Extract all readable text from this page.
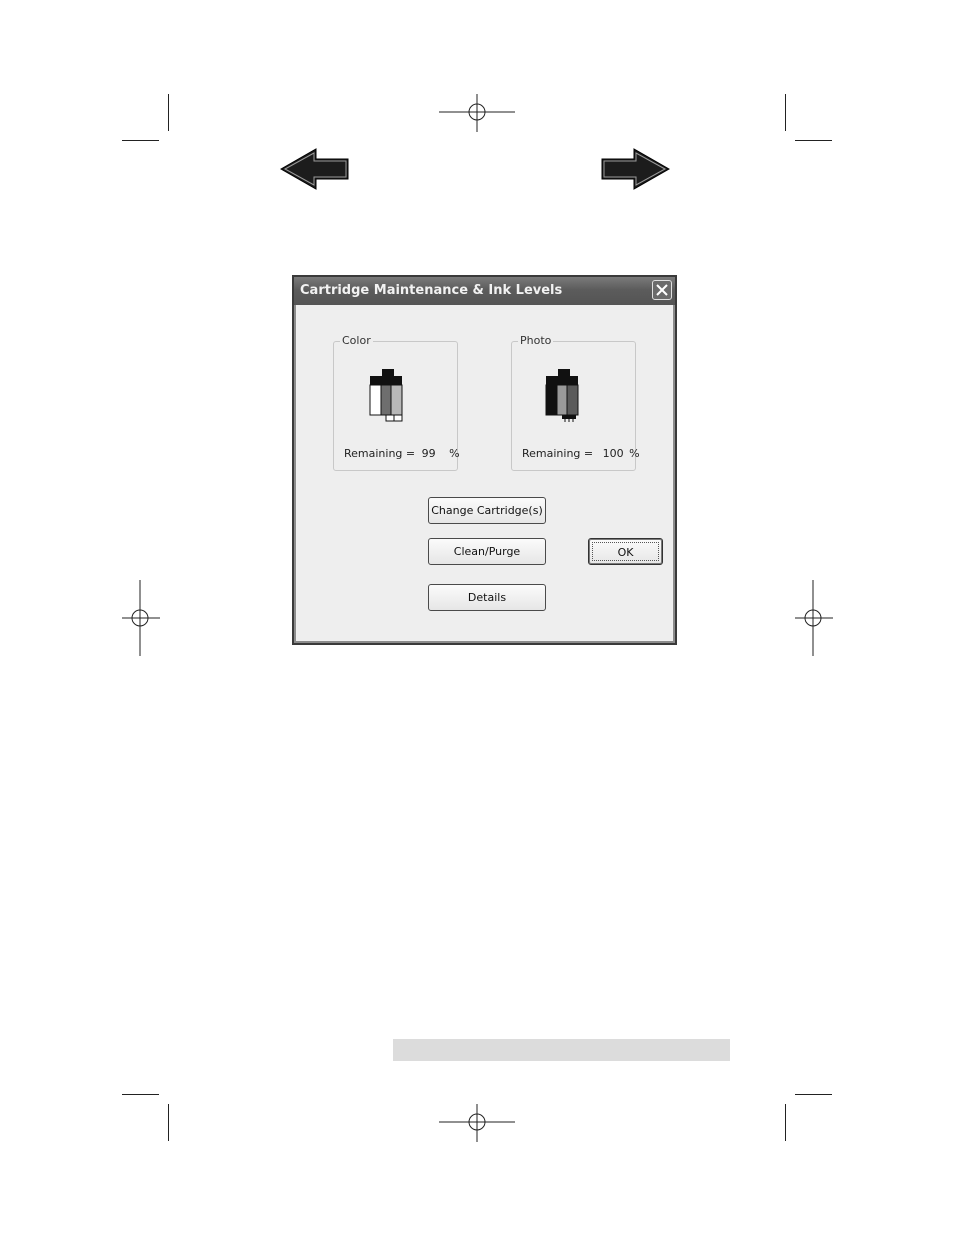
Cartridge Maintenance & Ink Levels
Color
Remaining = 99 %
Photo
Remaining = 100 %
Change Cartridge(s)
Clean/Purge
Details
OK
